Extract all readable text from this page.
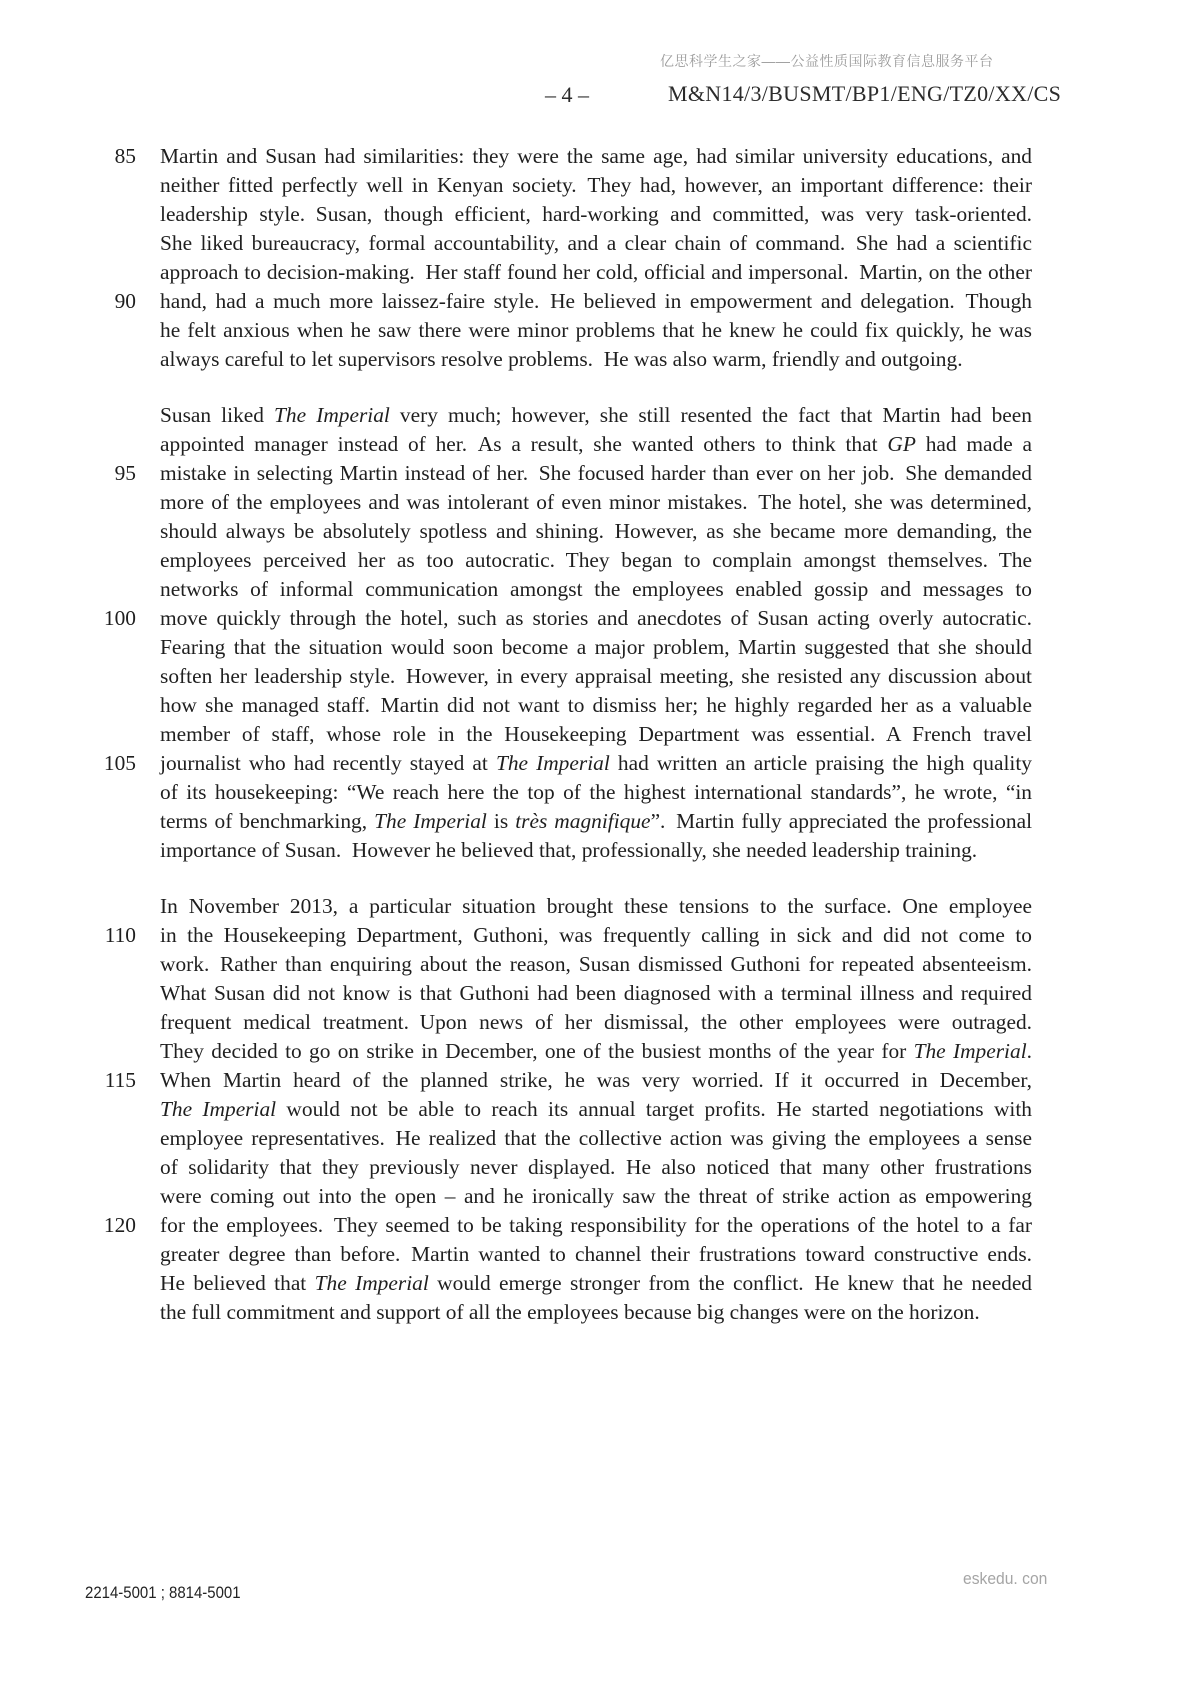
亿思科学生之家——公益性质国际教育信息服务平台
– 4 –	M&N14/3/BUSMT/BP1/ENG/TZ0/XX/CS
85 Martin and Susan had similarities: they were the same age, had similar university educations, and
neither fitted perfectly well in Kenyan society. They had, however, an important difference: their
leadership style. Susan, though efficient, hard-working and committed, was very task-oriented.
She liked bureaucracy, formal accountability, and a clear chain of command. She had a scientific
approach to decision-making. Her staff found her cold, official and impersonal. Martin, on the other
90 hand, had a much more laissez-faire style. He believed in empowerment and delegation. Though
he felt anxious when he saw there were minor problems that he knew he could fix quickly, he was
always careful to let supervisors resolve problems. He was also warm, friendly and outgoing.
Susan liked The Imperial very much; however, she still resented the fact that Martin had been
appointed manager instead of her. As a result, she wanted others to think that GP had made a
95 mistake in selecting Martin instead of her. She focused harder than ever on her job. She demanded
more of the employees and was intolerant of even minor mistakes. The hotel, she was determined,
should always be absolutely spotless and shining. However, as she became more demanding, the
employees perceived her as too autocratic. They began to complain amongst themselves. The
networks of informal communication amongst the employees enabled gossip and messages to
100 move quickly through the hotel, such as stories and anecdotes of Susan acting overly autocratic.
Fearing that the situation would soon become a major problem, Martin suggested that she should
soften her leadership style. However, in every appraisal meeting, she resisted any discussion about
how she managed staff. Martin did not want to dismiss her; he highly regarded her as a valuable
member of staff, whose role in the Housekeeping Department was essential. A French travel
105 journalist who had recently stayed at The Imperial had written an article praising the high quality
of its housekeeping: “We reach here the top of the highest international standards”, he wrote, “in
terms of benchmarking, The Imperial is très magnifique”. Martin fully appreciated the professional
importance of Susan. However he believed that, professionally, she needed leadership training.
In November 2013, a particular situation brought these tensions to the surface. One employee
110 in the Housekeeping Department, Guthoni, was frequently calling in sick and did not come to
work. Rather than enquiring about the reason, Susan dismissed Guthoni for repeated absenteeism.
What Susan did not know is that Guthoni had been diagnosed with a terminal illness and required
frequent medical treatment. Upon news of her dismissal, the other employees were outraged.
They decided to go on strike in December, one of the busiest months of the year for The Imperial.
115 When Martin heard of the planned strike, he was very worried. If it occurred in December,
The Imperial would not be able to reach its annual target profits. He started negotiations with
employee representatives. He realized that the collective action was giving the employees a sense
of solidarity that they previously never displayed. He also noticed that many other frustrations
were coming out into the open – and he ironically saw the threat of strike action as empowering
120 for the employees. They seemed to be taking responsibility for the operations of the hotel to a far
greater degree than before. Martin wanted to channel their frustrations toward constructive ends.
He believed that The Imperial would emerge stronger from the conflict. He knew that he needed
the full commitment and support of all the employees because big changes were on the horizon.
2214-5001 ; 8814-5001
eskedu. con
